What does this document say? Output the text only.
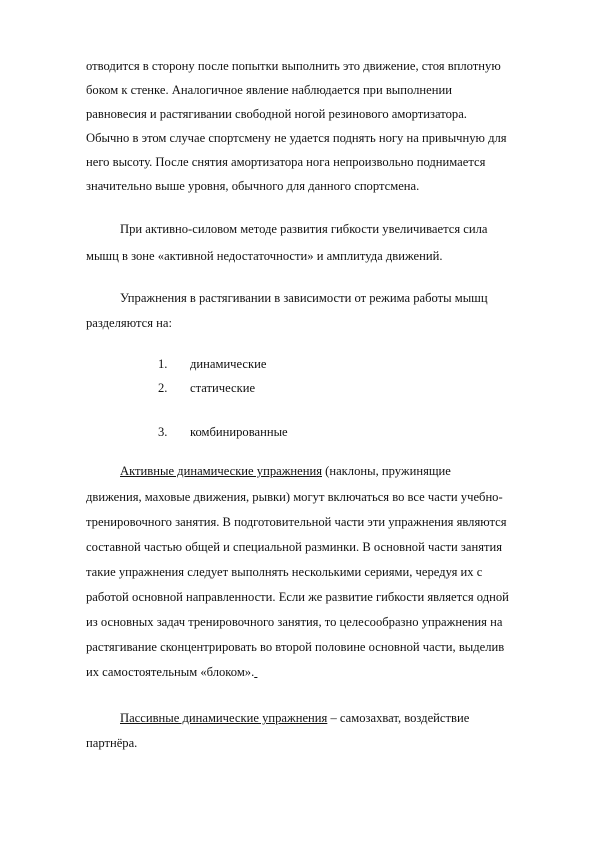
отводится в сторону после попытки выполнить это движение, стоя вплотную
боком к стенке. Аналогичное явление наблюдается при выполнении
равновесия и растягивании свободной ногой резинового амортизатора.
Обычно в этом случае спортсмену не удается поднять ногу на привычную для
него высоту. После снятия амортизатора нога непроизвольно поднимается
значительно выше уровня, обычного для данного спортсмена.
При активно-силовом методе развития гибкости увеличивается сила
мышц в зоне «активной недостаточности» и амплитуда движений.
Упражнения в растягивании в зависимости от режима работы мышц
разделяются на:
1. динамические
2. статические
3. комбинированные
Активные динамические упражнения (наклоны, пружинящие
движения, маховые движения, рывки) могут включаться во все части учебно-
тренировочного занятия. В подготовительной части эти упражнения являются
составной частью общей и специальной разминки. В основной части занятия
такие упражнения следует выполнять несколькими сериями, чередуя их с
работой основной направленности. Если же развитие гибкости является одной
из основных задач тренировочного занятия, то целесообразно упражнения на
растягивание сконцентрировать во второй половине основной части, выделив
их самостоятельным «блоком».
Пассивные динамические упражнения – самозахват, воздействие
партнёра.
